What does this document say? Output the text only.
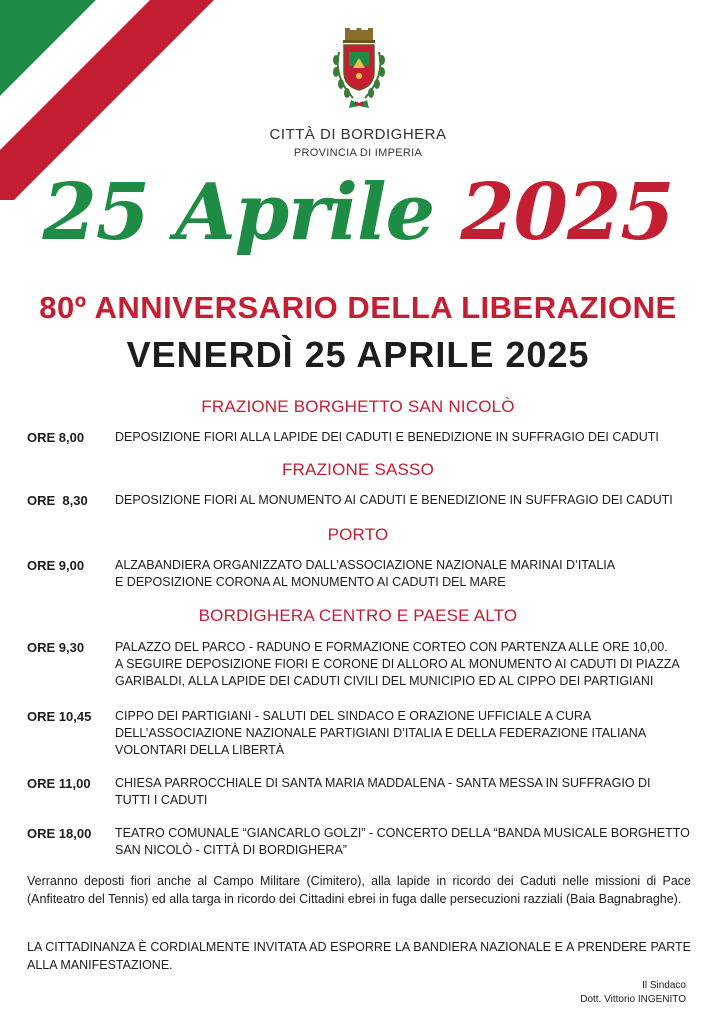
CITTÀ DI BORDIGHERA
PROVINCIA DI IMPERIA
25 Aprile 2025
80º ANNIVERSARIO DELLA LIBERAZIONE
VENERDÌ 25 APRILE 2025
FRAZIONE BORGHETTO SAN NICOLÒ
ORE 8,00 DEPOSIZIONE FIORI ALLA LAPIDE DEI CADUTI E BENEDIZIONE IN SUFFRAGIO DEI CADUTI
FRAZIONE SASSO
ORE  8,30 DEPOSIZIONE FIORI AL MONUMENTO AI CADUTI E BENEDIZIONE IN SUFFRAGIO DEI CADUTI
PORTO
ORE 9,00 ALZABANDIERA ORGANIZZATO DALL’ASSOCIAZIONE NAZIONALE MARINAI D’ITALIA
E DEPOSIZIONE CORONA AL MONUMENTO AI CADUTI DEL MARE
BORDIGHERA CENTRO E PAESE ALTO
ORE 9,30 PALAZZO DEL PARCO - RADUNO E FORMAZIONE CORTEO CON PARTENZA ALLE ORE 10,00.
A SEGUIRE DEPOSIZIONE FIORI E CORONE DI ALLORO AL MONUMENTO AI CADUTI DI PIAZZA
GARIBALDI, ALLA LAPIDE DEI CADUTI CIVILI DEL MUNICIPIO ED AL CIPPO DEI PARTIGIANI
ORE 10,45 CIPPO DEI PARTIGIANI - SALUTI DEL SINDACO E ORAZIONE UFFICIALE A CURA
DELL’ASSOCIAZIONE NAZIONALE PARTIGIANI D’ITALIA E DELLA FEDERAZIONE ITALIANA
VOLONTARI DELLA LIBERTÀ
ORE 11,00 CHIESA PARROCCHIALE DI SANTA MARIA MADDALENA - SANTA MESSA IN SUFFRAGIO DI
TUTTI I CADUTI
ORE 18,00 TEATRO COMUNALE “GIANCARLO GOLZI” - CONCERTO DELLA “BANDA MUSICALE BORGHETTO
SAN NICOLÒ - CITTÀ DI BORDIGHERA”
Verranno deposti fiori anche al Campo Militare (Cimitero), alla lapide in ricordo dei Caduti nelle missioni di Pace (Anfiteatro del Tennis) ed alla targa in ricordo dei Cittadini ebrei in fuga dalle persecuzioni razziali (Baia Bagnabraghe).
LA CITTADINANZA È CORDIALMENTE INVITATA AD ESPORRE LA BANDIERA NAZIONALE E A PRENDERE PARTE ALLA MANIFESTAZIONE.
Il Sindaco
Dott. Vittorio INGENITO
